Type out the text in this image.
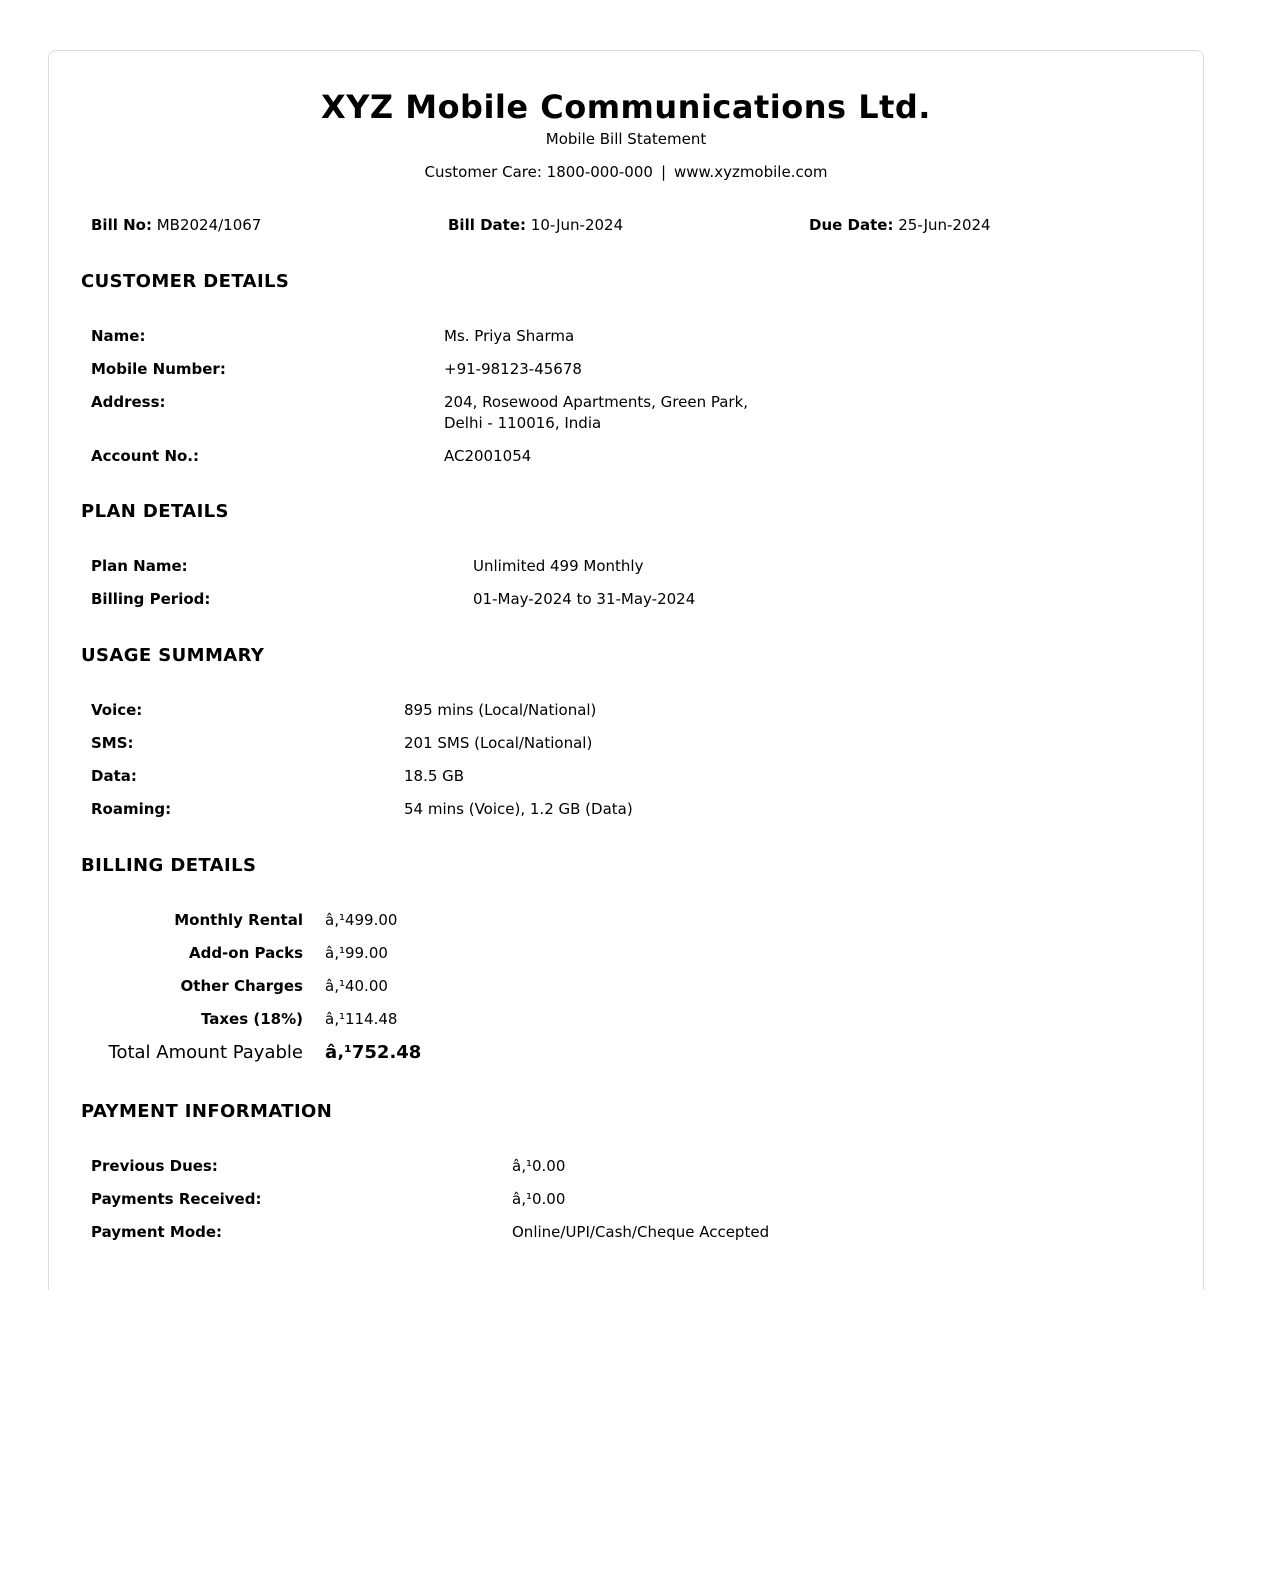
XYZ Mobile Communications Ltd.
Mobile Bill Statement
Customer Care: 1800-000-000 | www.xyzmobile.com
Bill No: MB2024/1067	Bill Date: 10-Jun-2024	Due Date: 25-Jun-2024
CUSTOMER DETAILS
Name:	Ms. Priya Sharma
Mobile Number:	+91-98123-45678
Address:	204, Rosewood Apartments, Green Park,
Delhi - 110016, India
Account No.:	AC2001054
PLAN DETAILS
Plan Name:	Unlimited 499 Monthly
Billing Period:	01-May-2024 to 31-May-2024
USAGE SUMMARY
Voice:	895 mins (Local/National)
SMS:	201 SMS (Local/National)
Data:	18.5 GB
Roaming:	54 mins (Voice), 1.2 GB (Data)
BILLING DETAILS
Monthly Rental â‚¹499.00
Add-on Packs â‚¹99.00
Other Charges â‚¹40.00
Taxes (18%) â‚¹114.48
Total Amount Payable â‚¹752.48
PAYMENT INFORMATION
Previous Dues:	â‚¹0.00
Payments Received:	â‚¹0.00
Payment Mode:	Online/UPI/Cash/Cheque Accepted
